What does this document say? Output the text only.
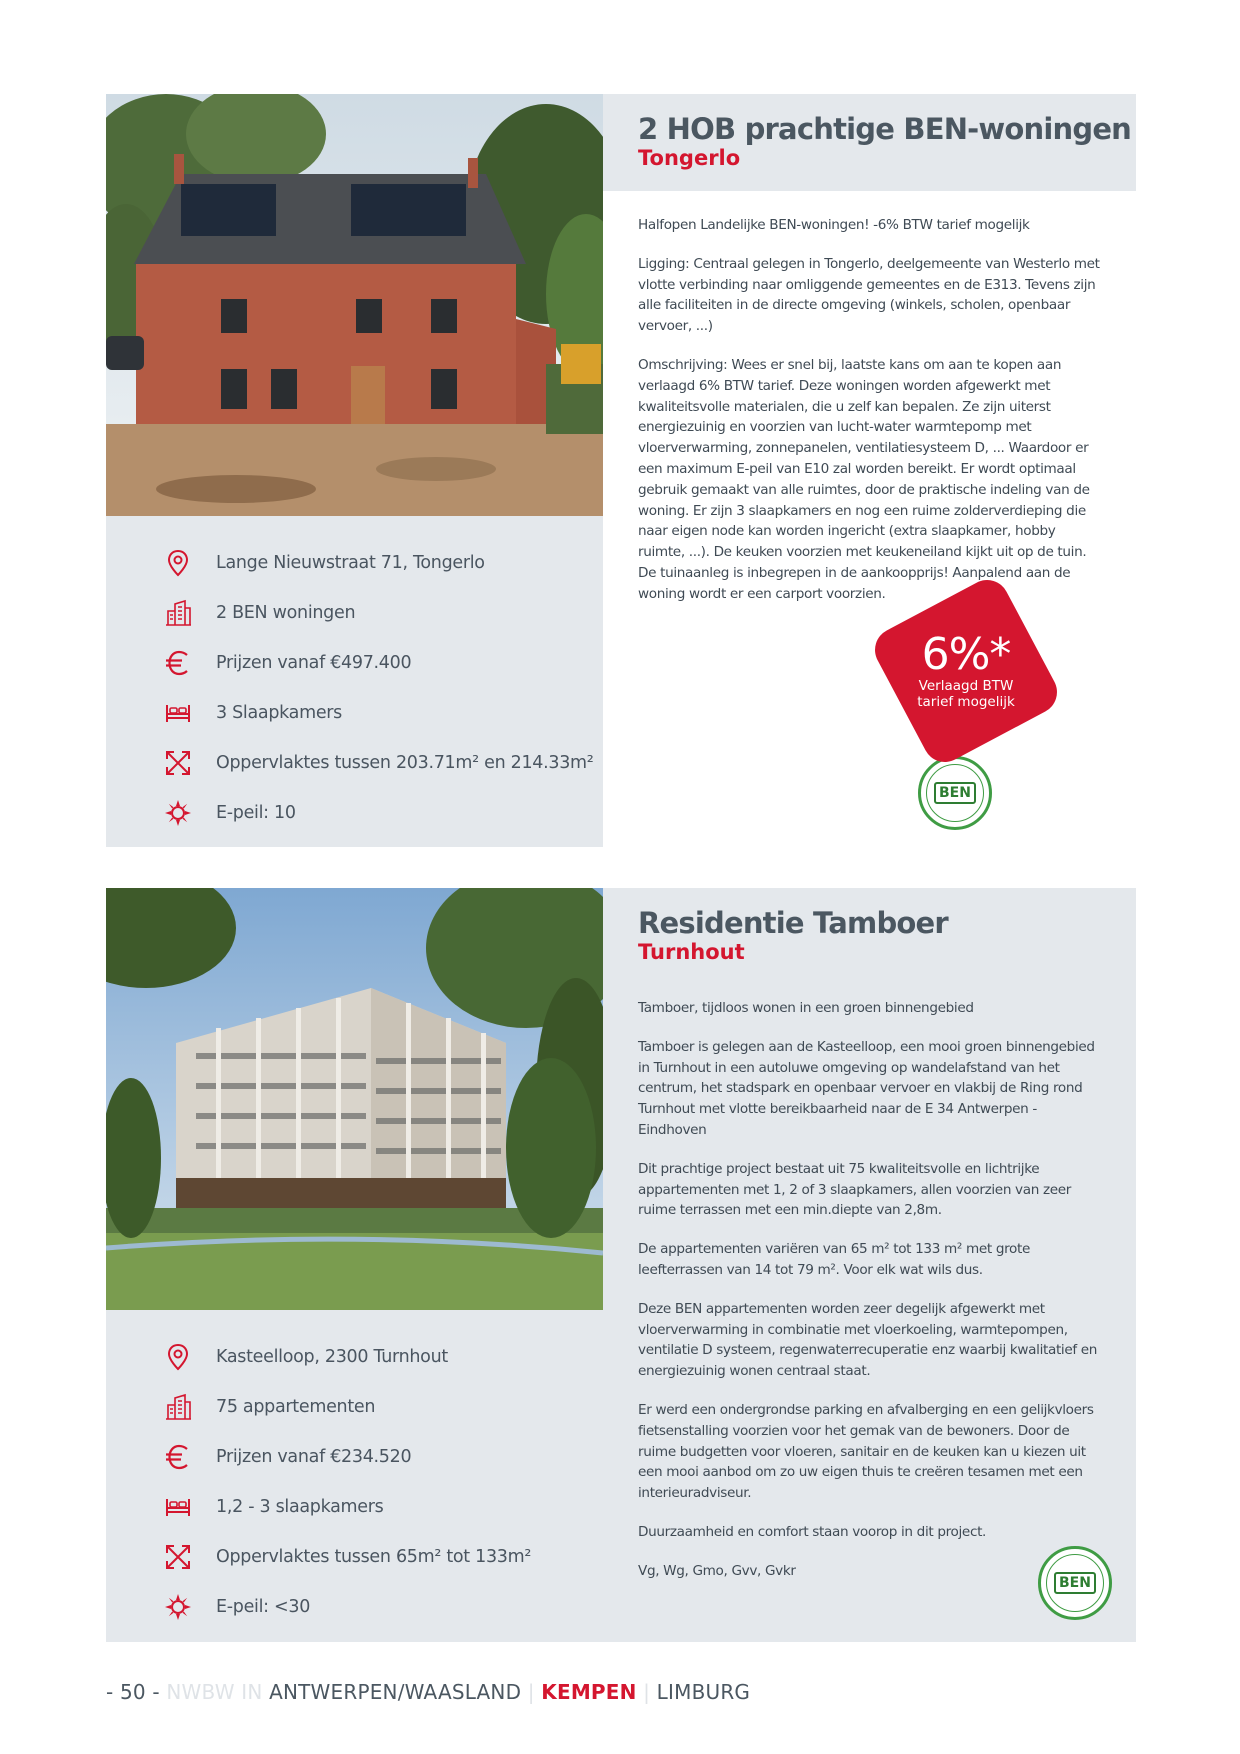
Lange Nieuwstraat 71, Tongerlo
2 BEN woningen
Prijzen vanaf €497.400
3 Slaapkamers
Oppervlaktes tussen 203.71m² en 214.33m²
E-peil: 10
2 HOB prachtige BEN-woningen
Tongerlo

Halfopen Landelijke BEN-woningen! -6% BTW tarief mogelijk

Ligging: Centraal gelegen in Tongerlo, deelgemeente van Westerlo met vlotte verbinding naar omliggende gemeentes en de E313. Tevens zijn alle faciliteiten in de directe omgeving (winkels, scholen, openbaar vervoer, ...)

Omschrijving: Wees er snel bij, laatste kans om aan te kopen aan verlaagd 6% BTW tarief. Deze woningen worden afgewerkt met kwaliteitsvolle materialen, die u zelf kan bepalen. Ze zijn uiterst energiezuinig en voorzien van lucht-water warmtepomp met vloerverwarming, zonnepanelen, ventilatiesysteem D, ... Waardoor er een maximum E-peil van E10 zal worden bereikt. Er wordt optimaal gebruik gemaakt van alle ruimtes, door de praktische indeling van de woning. Er zijn 3 slaapkamers en nog een ruime zolderverdieping die naar eigen node kan worden ingericht (extra slaapkamer, hobby ruimte, ...). De keuken voorzien met keukeneiland kijkt uit op de tuin. De tuinaanleg is inbegrepen in de aankoopprijs! Aanpalend aan de woning wordt er een carport voorzien.

BEN
6%*
Verlaagd BTW
tarief mogelijk
Residentie Tamboer
Turnhout
Kasteelloop, 2300 Turnhout
75 appartementen
Prijzen vanaf €234.520
1,2 - 3 slaapkamers
Oppervlaktes tussen 65m² tot 133m²
E-peil: <30

Tamboer, tijdloos wonen in een groen binnengebied

Tamboer is gelegen aan de Kasteelloop, een mooi groen binnengebied in Turnhout in een autoluwe omgeving op wandelafstand van het centrum, het stadspark en openbaar vervoer en vlakbij de Ring rond Turnhout met vlotte bereikbaarheid naar de E 34 Antwerpen - Eindhoven

Dit prachtige project bestaat uit 75 kwaliteitsvolle en lichtrijke appartementen met 1, 2 of 3 slaapkamers, allen voorzien van zeer ruime terrassen met een min.diepte van 2,8m.

De appartementen variëren van 65 m² tot 133 m² met grote leefterrassen van 14 tot 79 m². Voor elk wat wils dus.

Deze BEN appartementen worden zeer degelijk afgewerkt met vloerverwarming in combinatie met vloerkoeling, warmtepompen, ventilatie D systeem, regenwaterrecuperatie enz waarbij kwalitatief en energiezuinig wonen centraal staat.

Er werd een ondergrondse parking en afvalberging en een gelijkvloers fietsenstalling voorzien voor het gemak van de bewoners. Door de ruime budgetten voor vloeren, sanitair en de keuken kan u kiezen uit een mooi aanbod om zo uw eigen thuis te creëren tesamen met een interieuradviseur.

Duurzaamheid en comfort staan voorop in dit project.

Vg, Wg, Gmo, Gvv, Gvkr

BEN
- 50 - NWBW IN ANTWERPEN/WAASLAND | KEMPEN | LIMBURG
